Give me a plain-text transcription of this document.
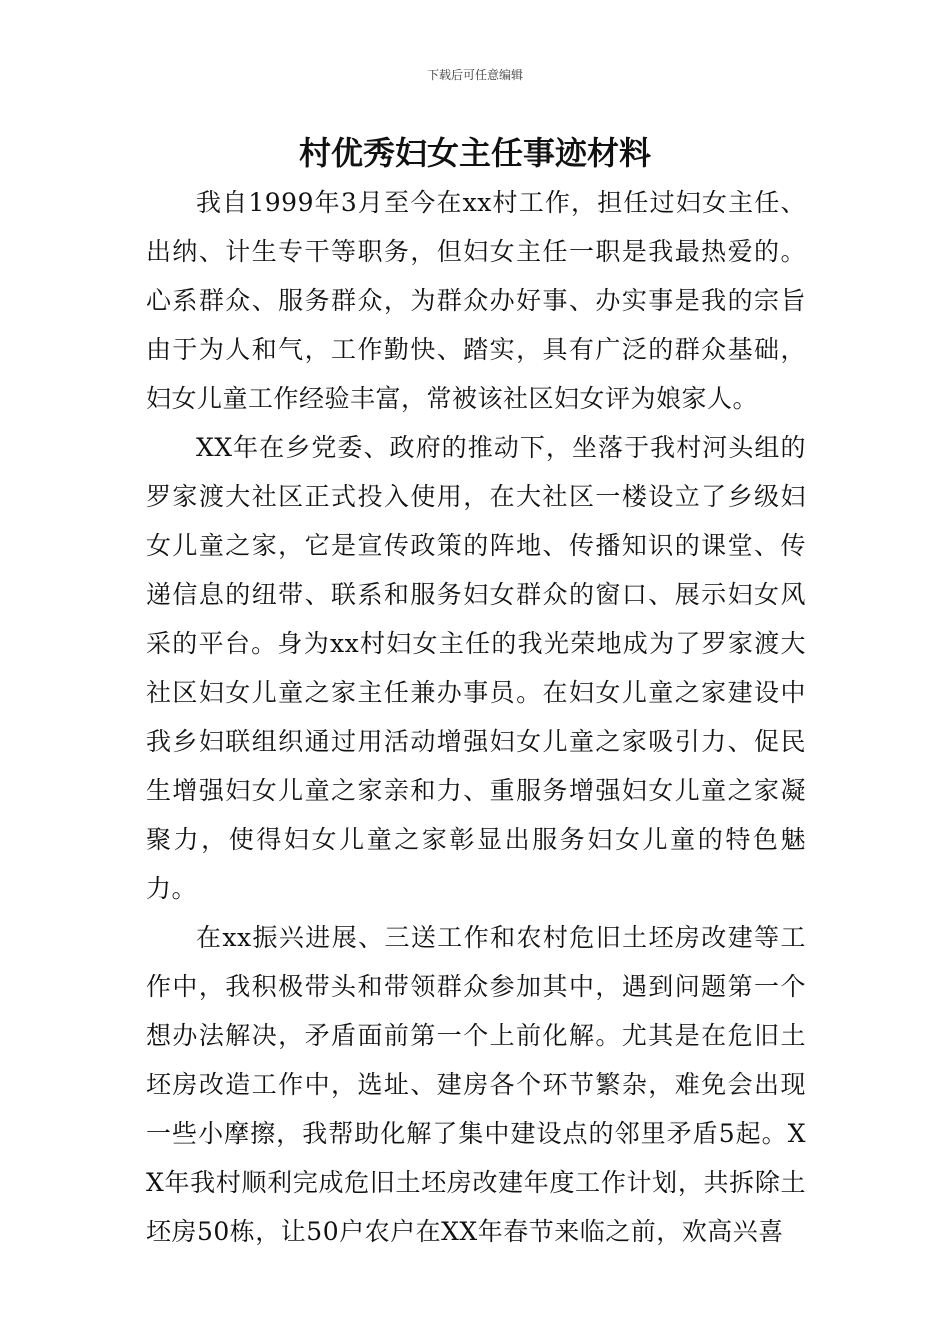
下载后可任意编辑
村优秀妇女主任事迹材料

我自1999年3月至今在xx村工作，担任过妇女主任、出纳、计生专干等职务，但妇女主任一职是我最热爱的。心系群众、服务群众，为群众办好事、办实事是我的宗旨由于为人和气，工作勤快、踏实，具有广泛的群众基础，妇女儿童工作经验丰富，常被该社区妇女评为娘家人。

XX年在乡党委、政府的推动下，坐落于我村河头组的罗家渡大社区正式投入使用，在大社区一楼设立了乡级妇女儿童之家，它是宣传政策的阵地、传播知识的课堂、传递信息的纽带、联系和服务妇女群众的窗口、展示妇女风采的平台。身为xx村妇女主任的我光荣地成为了罗家渡大社区妇女儿童之家主任兼办事员。在妇女儿童之家建设中我乡妇联组织通过用活动增强妇女儿童之家吸引力、促民生增强妇女儿童之家亲和力、重服务增强妇女儿童之家凝聚力，使得妇女儿童之家彰显出服务妇女儿童的特色魅力。

在xx振兴进展、三送工作和农村危旧土坯房改建等工作中，我积极带头和带领群众参加其中，遇到问题第一个想办法解决，矛盾面前第一个上前化解。尤其是在危旧土坯房改造工作中，选址、建房各个环节繁杂，难免会出现一些小摩擦，我帮助化解了集中建设点的邻里矛盾5起。XX年我村顺利完成危旧土坯房改建年度工作计划，共拆除土坯房50栋，让50户农户在XX年春节来临之前，欢高兴喜
